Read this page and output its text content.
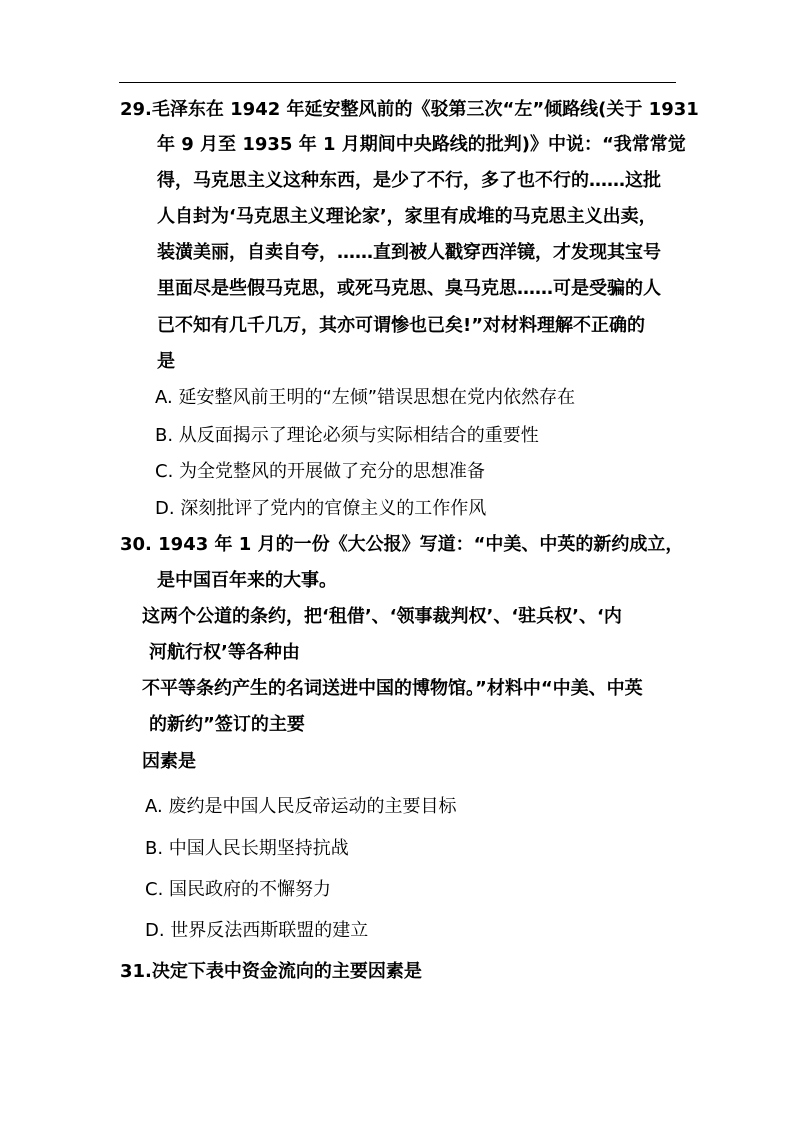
29.毛泽东在 1942 年延安整风前的《驳第三次“左”倾路线(关于 1931
年 9 月至 1935 年 1 月期间中央路线的批判)》中说：“我常常觉
得，马克思主义这种东西，是少了不行，多了也不行的……这批
人自封为‘马克思主义理论家’，家里有成堆的马克思主义出卖，
装潢美丽，自卖自夸，……直到被人戳穿西洋镜，才发现其宝号
里面尽是些假马克思，或死马克思、臭马克思……可是受骗的人
已不知有几千几万，其亦可谓惨也已矣!”对材料理解不正确的
是
A. 延安整风前王明的“左倾”错误思想在党内依然存在
B. 从反面揭示了理论必须与实际相结合的重要性
C. 为全党整风的开展做了充分的思想准备
D. 深刻批评了党内的官僚主义的工作作风
30. 1943 年 1 月的一份《大公报》写道：“中美、中英的新约成立，
是中国百年来的大事。
这两个公道的条约，把‘租借’、‘领事裁判权’、‘驻兵权’、‘内
河航行权’等各种由
不平等条约产生的名词送进中国的博物馆。”材料中“中美、中英
的新约”签订的主要
因素是
A. 废约是中国人民反帝运动的主要目标
B. 中国人民长期坚持抗战
C. 国民政府的不懈努力
D. 世界反法西斯联盟的建立
31.决定下表中资金流向的主要因素是
